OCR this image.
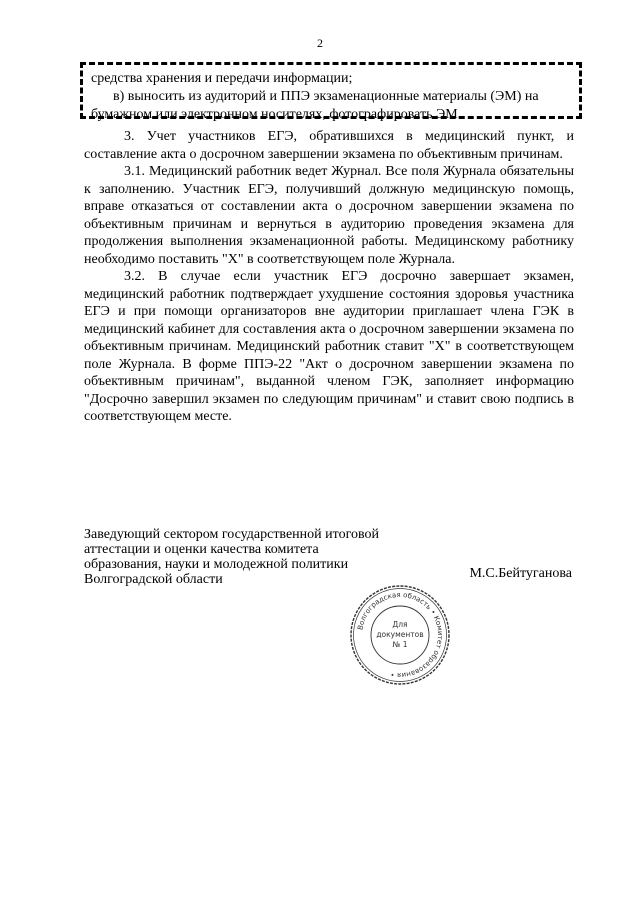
2
средства хранения и передачи информации;
в) выносить из аудиторий и ППЭ экзаменационные материалы (ЭМ) на бумажном или электронном носителях, фотографировать ЭМ.
3. Учет участников ЕГЭ, обратившихся в медицинский пункт, и составление акта о досрочном завершении экзамена по объективным причинам.
3.1. Медицинский работник ведет Журнал. Все поля Журнала обязательны к заполнению. Участник ЕГЭ, получивший должную медицинскую помощь, вправе отказаться от составлении акта о досрочном завершении экзамена по объективным причинам и вернуться в аудиторию проведения экзамена для продолжения выполнения экзаменационной работы. Медицинскому работнику необходимо поставить "Х" в соответствующем поле Журнала.
3.2. В случае если участник ЕГЭ досрочно завершает экзамен, медицинский работник подтверждает ухудшение состояния здоровья участника ЕГЭ и при помощи организаторов вне аудитории приглашает члена ГЭК в медицинский кабинет для составления акта о досрочном завершении экзамена по объективным причинам. Медицинский работник ставит "Х" в соответствующем поле Журнала. В форме ППЭ-22 "Акт о досрочном завершении экзамена по объективным причинам", выданной членом ГЭК, заполняет информацию "Досрочно завершил экзамен по следующим причинам" и ставит свою подпись в соответствующем месте.
Заведующий сектором государственной итоговой аттестации и оценки качества комитета образования, науки и молодежной политики Волгоградской области	М.С.Бейтуганова
Волгоградская область • Комитет образования •
Для
документов
№ 1
